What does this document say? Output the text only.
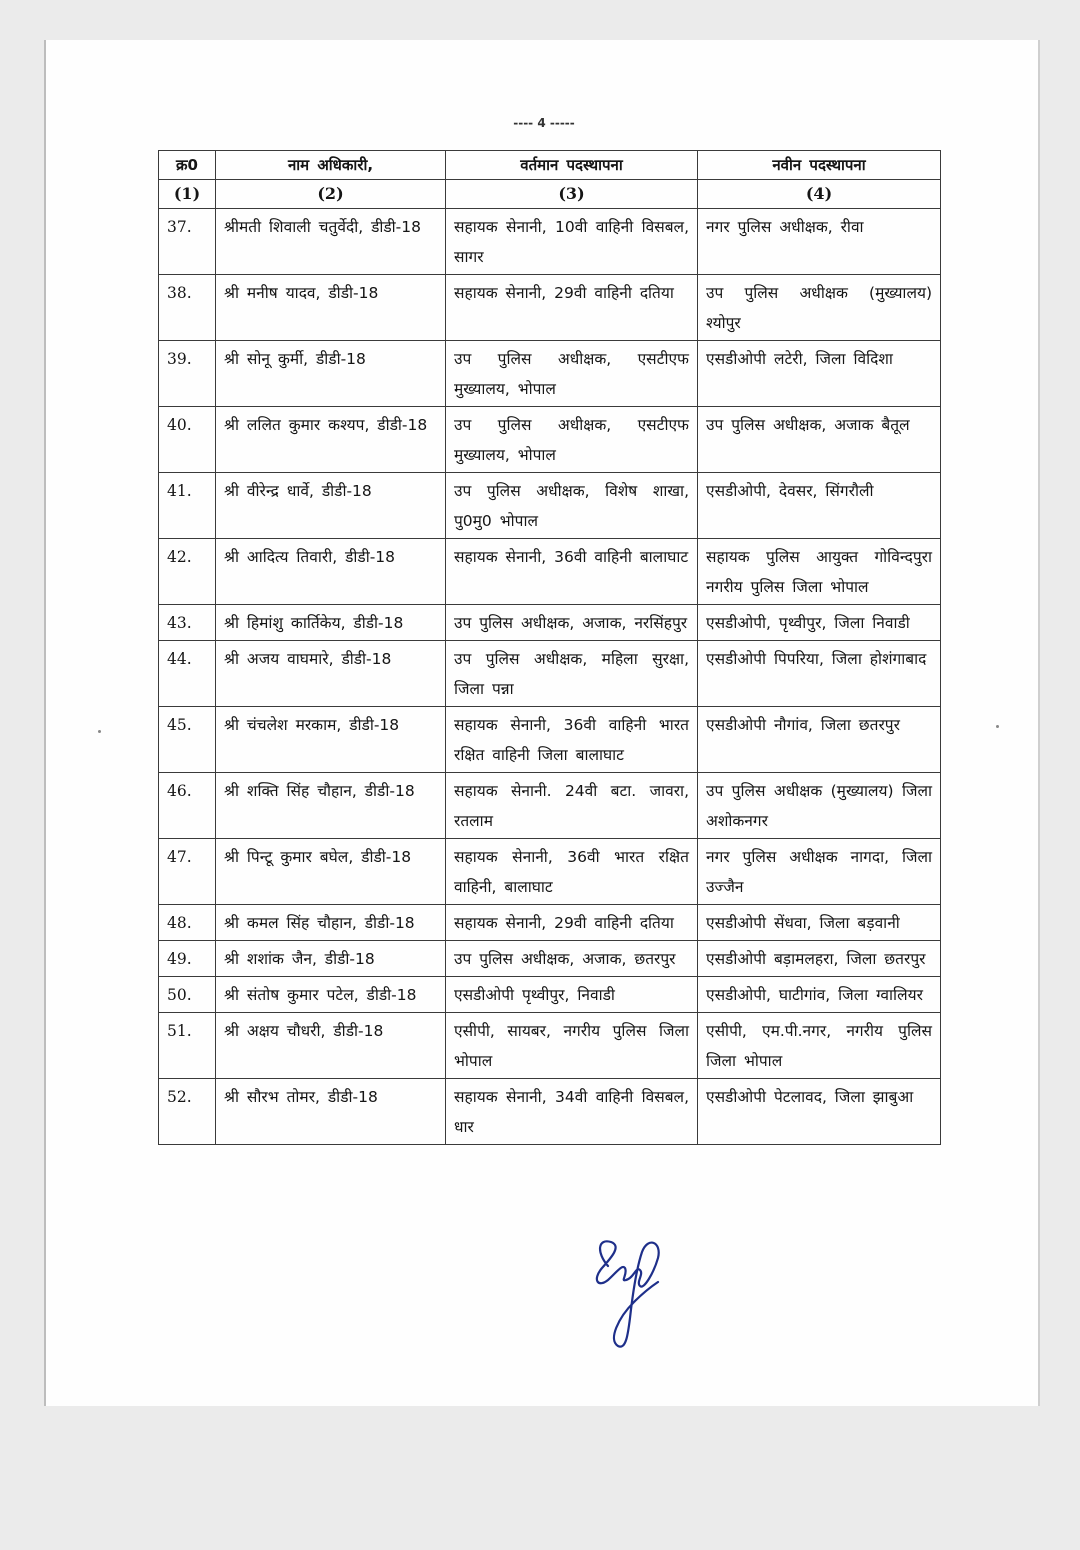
---- 4 -----
क्र0	नाम अधिकारी,	वर्तमान पदस्थापना	नवीन पदस्थापना
(1)	(2)	(3)	(4)
37.	श्रीमती शिवाली चतुर्वेदी, डीडी-18	सहायक सेनानी, 10वी वाहिनी विसबल, सागर	नगर पुलिस अधीक्षक, रीवा
38.	श्री मनीष यादव, डीडी-18	सहायक सेनानी, 29वी वाहिनी दतिया	उप पुलिस अधीक्षक (मुख्यालय) श्योपुर
39.	श्री सोनू कुर्मी, डीडी-18	उप पुलिस अधीक्षक, एसटीएफ मुख्यालय, भोपाल	एसडीओपी लटेरी, जिला विदिशा
40.	श्री ललित कुमार कश्यप, डीडी-18	उप पुलिस अधीक्षक, एसटीएफ मुख्यालय, भोपाल	उप पुलिस अधीक्षक, अजाक बैतूल
41.	श्री वीरेन्द्र धार्वे, डीडी-18	उप पुलिस अधीक्षक, विशेष शाखा, पु0मु0 भोपाल	एसडीओपी, देवसर, सिंगरौली
42.	श्री आदित्य तिवारी, डीडी-18	सहायक सेनानी, 36वी वाहिनी बालाघाट	सहायक पुलिस आयुक्त गोविन्दपुरा नगरीय पुलिस जिला भोपाल
43.	श्री हिमांशु कार्तिकेय, डीडी-18	उप पुलिस अधीक्षक, अजाक, नरसिंहपुर	एसडीओपी, पृथ्वीपुर, जिला निवाडी
44.	श्री अजय वाघमारे, डीडी-18	उप पुलिस अधीक्षक, महिला सुरक्षा, जिला पन्ना	एसडीओपी पिपरिया, जिला होशंगाबाद
45.	श्री चंचलेश मरकाम, डीडी-18	सहायक सेनानी, 36वी वाहिनी भारत रक्षित वाहिनी जिला बालाघाट	एसडीओपी नौगांव, जिला छतरपुर
46.	श्री शक्ति सिंह चौहान, डीडी-18	सहायक सेनानी. 24वी बटा. जावरा, रतलाम	उप पुलिस अधीक्षक (मुख्यालय) जिला अशोकनगर
47.	श्री पिन्टू कुमार बघेल, डीडी-18	सहायक सेनानी, 36वी भारत रक्षित वाहिनी, बालाघाट	नगर पुलिस अधीक्षक नागदा, जिला उज्जैन
48.	श्री कमल सिंह चौहान, डीडी-18	सहायक सेनानी, 29वी वाहिनी दतिया	एसडीओपी सेंधवा, जिला बड़वानी
49.	श्री शशांक जैन, डीडी-18	उप पुलिस अधीक्षक, अजाक, छतरपुर	एसडीओपी बड़ामलहरा, जिला छतरपुर
50.	श्री संतोष कुमार पटेल, डीडी-18	एसडीओपी पृथ्वीपुर, निवाडी	एसडीओपी, घाटीगांव, जिला ग्वालियर
51.	श्री अक्षय चौधरी, डीडी-18	एसीपी, सायबर, नगरीय पुलिस जिला भोपाल	एसीपी, एम.पी.नगर, नगरीय पुलिस जिला भोपाल
52.	श्री सौरभ तोमर, डीडी-18	सहायक सेनानी, 34वी वाहिनी विसबल, धार	एसडीओपी पेटलावद, जिला झाबुआ
